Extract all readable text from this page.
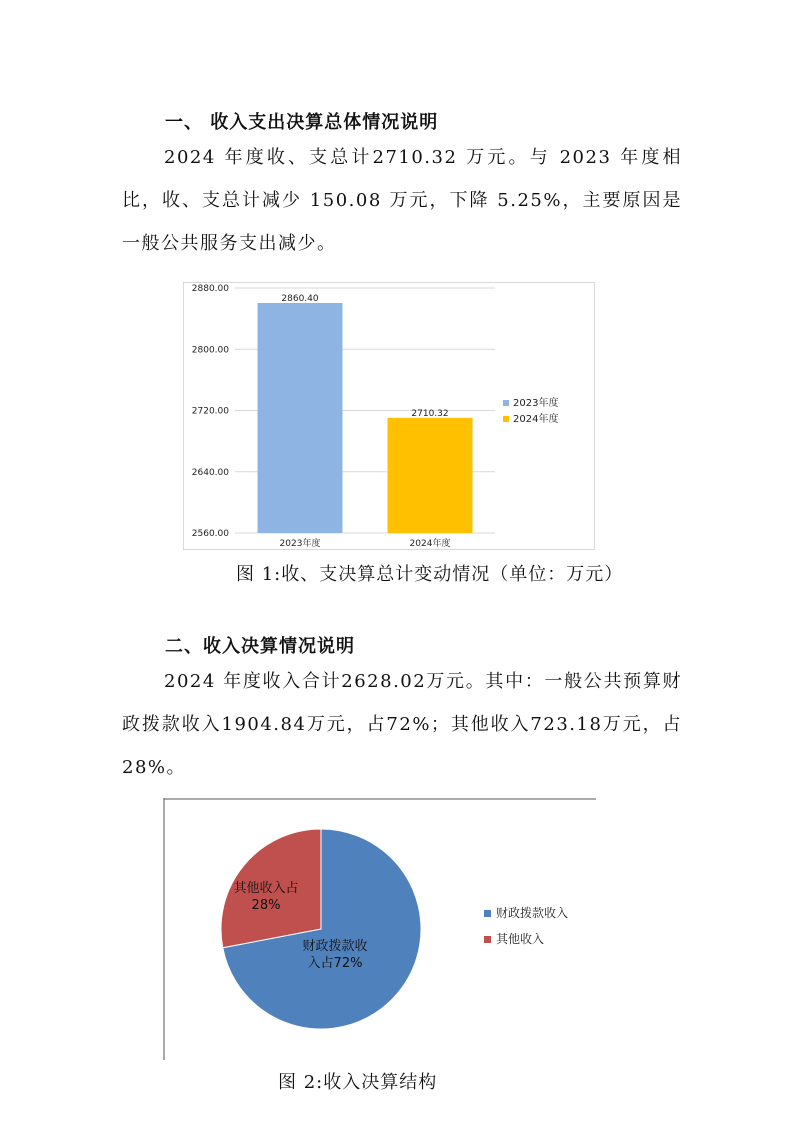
一、 收入支出决算总体情况说明

2024 年度收、支总计2710.32 万元。与 2023 年度相比，收、支总计减少 150.08 万元，下降 5.25%，主要原因是一般公共服务支出减少。

2560.00
2640.00
2720.00
2800.00
2880.00
2860.40
2023年度
2710.32
2024年度
2023年度
2024年度
图 1:收、支决算总计变动情况（单位：万元）
二、收入决算情况说明

2024 年度收入合计2628.02万元。其中：一般公共预算财政拨款收入1904.84万元，占72%；其他收入723.18万元，占 28%。

财政拨款收
入占72%
其他收入占
28%	财政拨款收入
其他收入
图 2:收入决算结构
